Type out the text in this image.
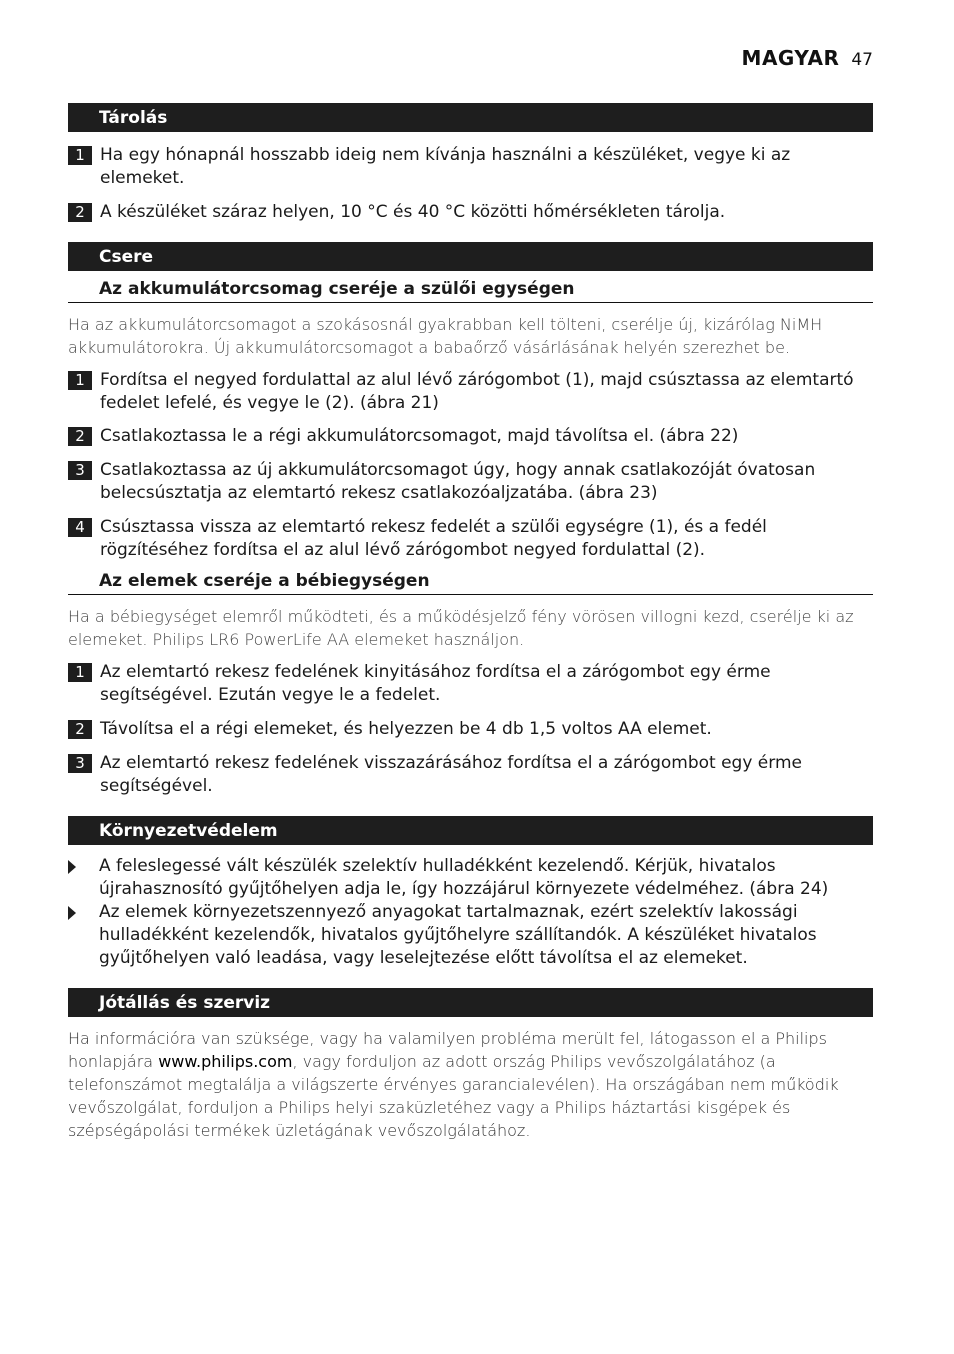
MAGYAR 47
Tárolás
1 Ha egy hónapnál hosszabb ideig nem kívánja használni a készüléket, vegye ki az elemeket.
2 A készüléket száraz helyen, 10 °C és 40 °C közötti hőmérsékleten tárolja.
Csere
Az akkumulátorcsomag cseréje a szülői egységen

Ha az akkumulátorcsomagot a szokásosnál gyakrabban kell tölteni, cserélje új, kizárólag NiMH akkumulátorokra. Új akkumulátorcsomagot a babaőrző vásárlásának helyén szerezhet be.

1 Fordítsa el negyed fordulattal az alul lévő zárógombot (1), majd csúsztassa az elemtartó fedelet lefelé, és vegye le (2). (ábra 21)
2 Csatlakoztassa le a régi akkumulátorcsomagot, majd távolítsa el. (ábra 22)
3 Csatlakoztassa az új akkumulátorcsomagot úgy, hogy annak csatlakozóját óvatosan belecsúsztatja az elemtartó rekesz csatlakozóaljzatába. (ábra 23)
4 Csúsztassa vissza az elemtartó rekesz fedelét a szülői egységre (1), és a fedél rögzítéséhez fordítsa el az alul lévő zárógombot negyed fordulattal (2).
Az elemek cseréje a bébiegységen

Ha a bébiegységet elemről működteti, és a működésjelző fény vörösen villogni kezd, cserélje ki az elemeket. Philips LR6 PowerLife AA elemeket használjon.

1 Az elemtartó rekesz fedelének kinyitásához fordítsa el a zárógombot egy érme segítségével. Ezután vegye le a fedelet.
2 Távolítsa el a régi elemeket, és helyezzen be 4 db 1,5 voltos AA elemet.
3 Az elemtartó rekesz fedelének visszazárásához fordítsa el a zárógombot egy érme segítségével.
Környezetvédelem
A feleslegessé vált készülék szelektív hulladékként kezelendő. Kérjük, hivatalos újrahasznosító gyűjtőhelyen adja le, így hozzájárul környezete védelméhez. (ábra 24)
Az elemek környezetszennyező anyagokat tartalmaznak, ezért szelektív lakossági hulladékként kezelendők, hivatalos gyűjtőhelyre szállítandók. A készüléket hivatalos gyűjtőhelyen való leadása, vagy leselejtezése előtt távolítsa el az elemeket.
Jótállás és szerviz

Ha információra van szüksége, vagy ha valamilyen probléma merült fel, látogasson el a Philips honlapjára www.philips.com, vagy forduljon az adott ország Philips vevőszolgálatához (a telefonszámot megtalálja a világszerte érvényes garancialevélen). Ha országában nem működik vevőszolgálat, forduljon a Philips helyi szaküzletéhez vagy a Philips háztartási kisgépek és szépségápolási termékek üzletágának vevőszolgálatához.
